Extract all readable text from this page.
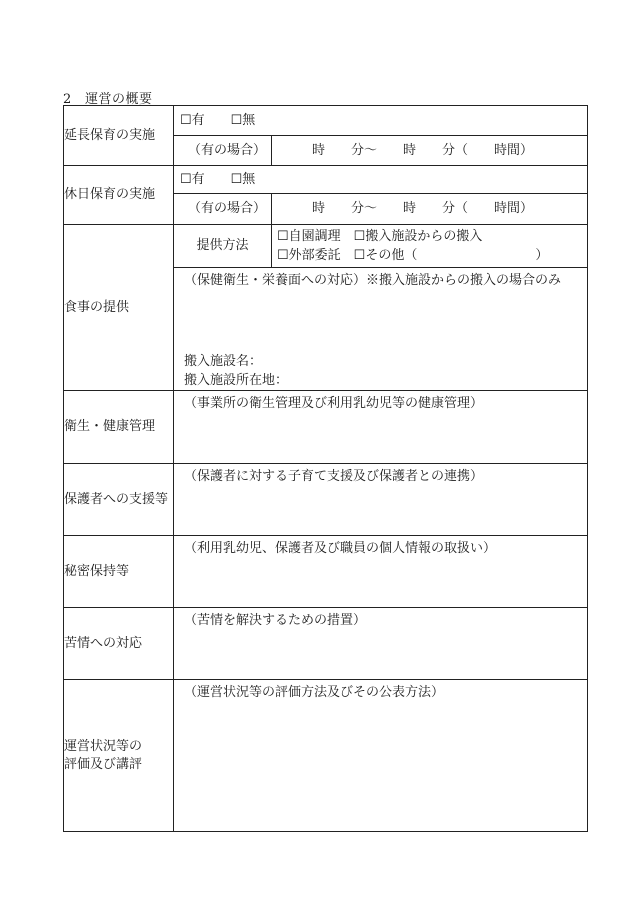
2 運営の概要
延長保育の実施	☐有 ☐無	
	（有の場合）	時　　分～　　時　　分（　　時間）
休日保育の実施	☐有 ☐無	
	（有の場合）	時　　分～　　時　　分（　　時間）
食事の提供	提供方法	☐自園調理　 ☐搬入施設からの搬入
☐外部委託　 ☐その他（ ）

	（保健衛生・栄養面への対応）※搬入施設からの搬入の場合のみ
搬入施設名：
搬入施設所在地：	

衛生・健康管理	（事業所の衛生管理及び利用乳幼児等の健康管理）	
保護者への支援等	（保護者に対する子育て支援及び保護者との連携）	
秘密保持等	（利用乳幼児、保護者及び職員の個人情報の取扱い）	
苦情への対応	（苦情を解決するための措置）	

運営状況等の
評価及び講評	（運営状況等の評価方法及びその公表方法）	
